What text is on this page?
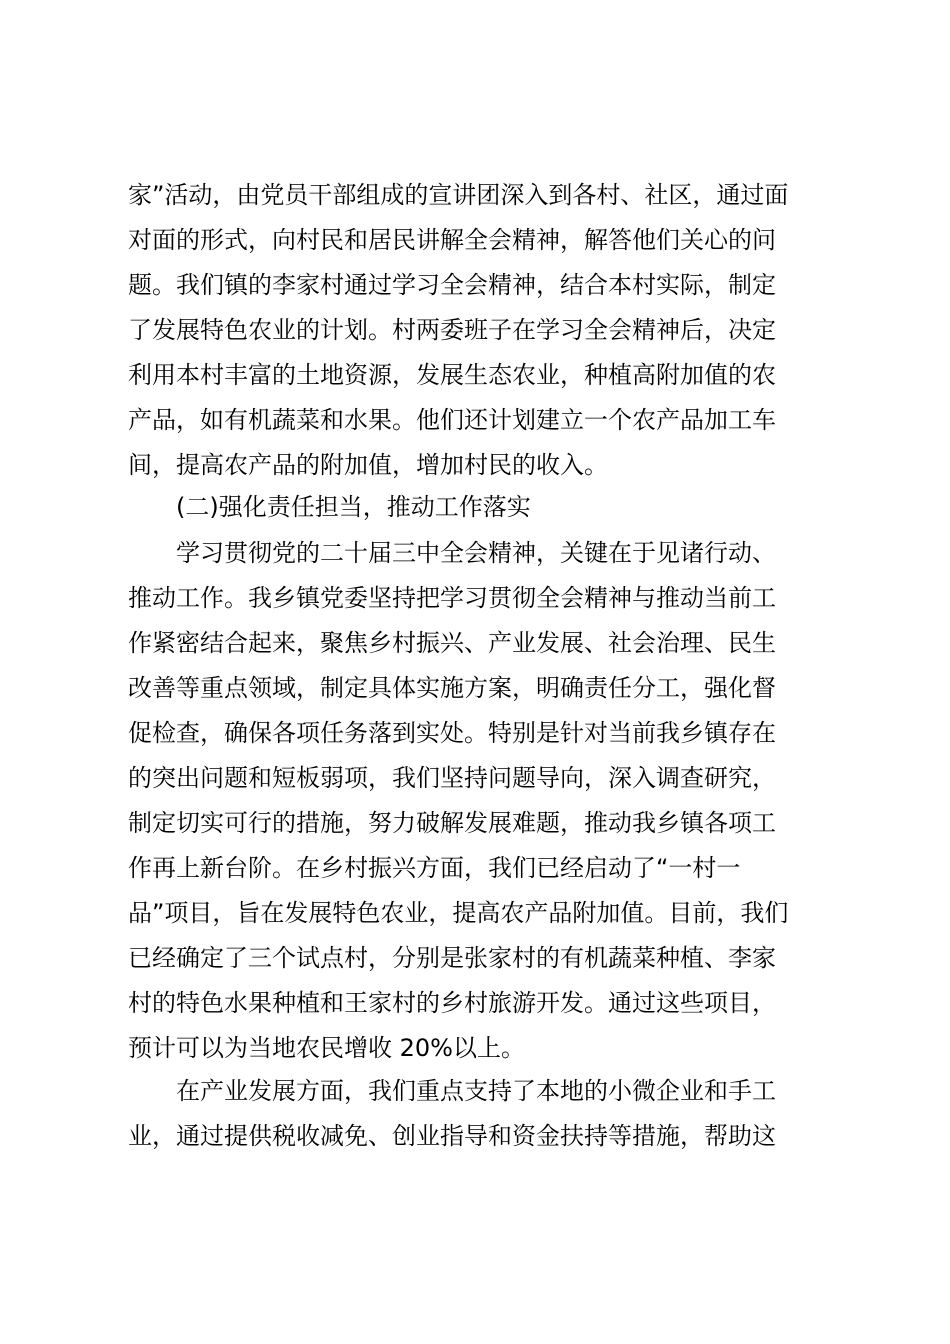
家”活动，由党员干部组成的宣讲团深入到各村、社区，通过面
对面的形式，向村民和居民讲解全会精神，解答他们关心的问
题。我们镇的李家村通过学习全会精神，结合本村实际，制定
了发展特色农业的计划。村两委班子在学习全会精神后，决定
利用本村丰富的土地资源，发展生态农业，种植高附加值的农
产品，如有机蔬菜和水果。他们还计划建立一个农产品加工车
间，提高农产品的附加值，增加村民的收入。
(二)强化责任担当，推动工作落实
学习贯彻党的二十届三中全会精神，关键在于见诸行动、
推动工作。我乡镇党委坚持把学习贯彻全会精神与推动当前工
作紧密结合起来，聚焦乡村振兴、产业发展、社会治理、民生
改善等重点领域，制定具体实施方案，明确责任分工，强化督
促检查，确保各项任务落到实处。特别是针对当前我乡镇存在
的突出问题和短板弱项，我们坚持问题导向，深入调查研究，
制定切实可行的措施，努力破解发展难题，推动我乡镇各项工
作再上新台阶。在乡村振兴方面，我们已经启动了“一村一
品”项目，旨在发展特色农业，提高农产品附加值。目前，我们
已经确定了三个试点村，分别是张家村的有机蔬菜种植、李家
村的特色水果种植和王家村的乡村旅游开发。通过这些项目，
预计可以为当地农民增收 20%以上。
在产业发展方面，我们重点支持了本地的小微企业和手工
业，通过提供税收减免、创业指导和资金扶持等措施，帮助这
